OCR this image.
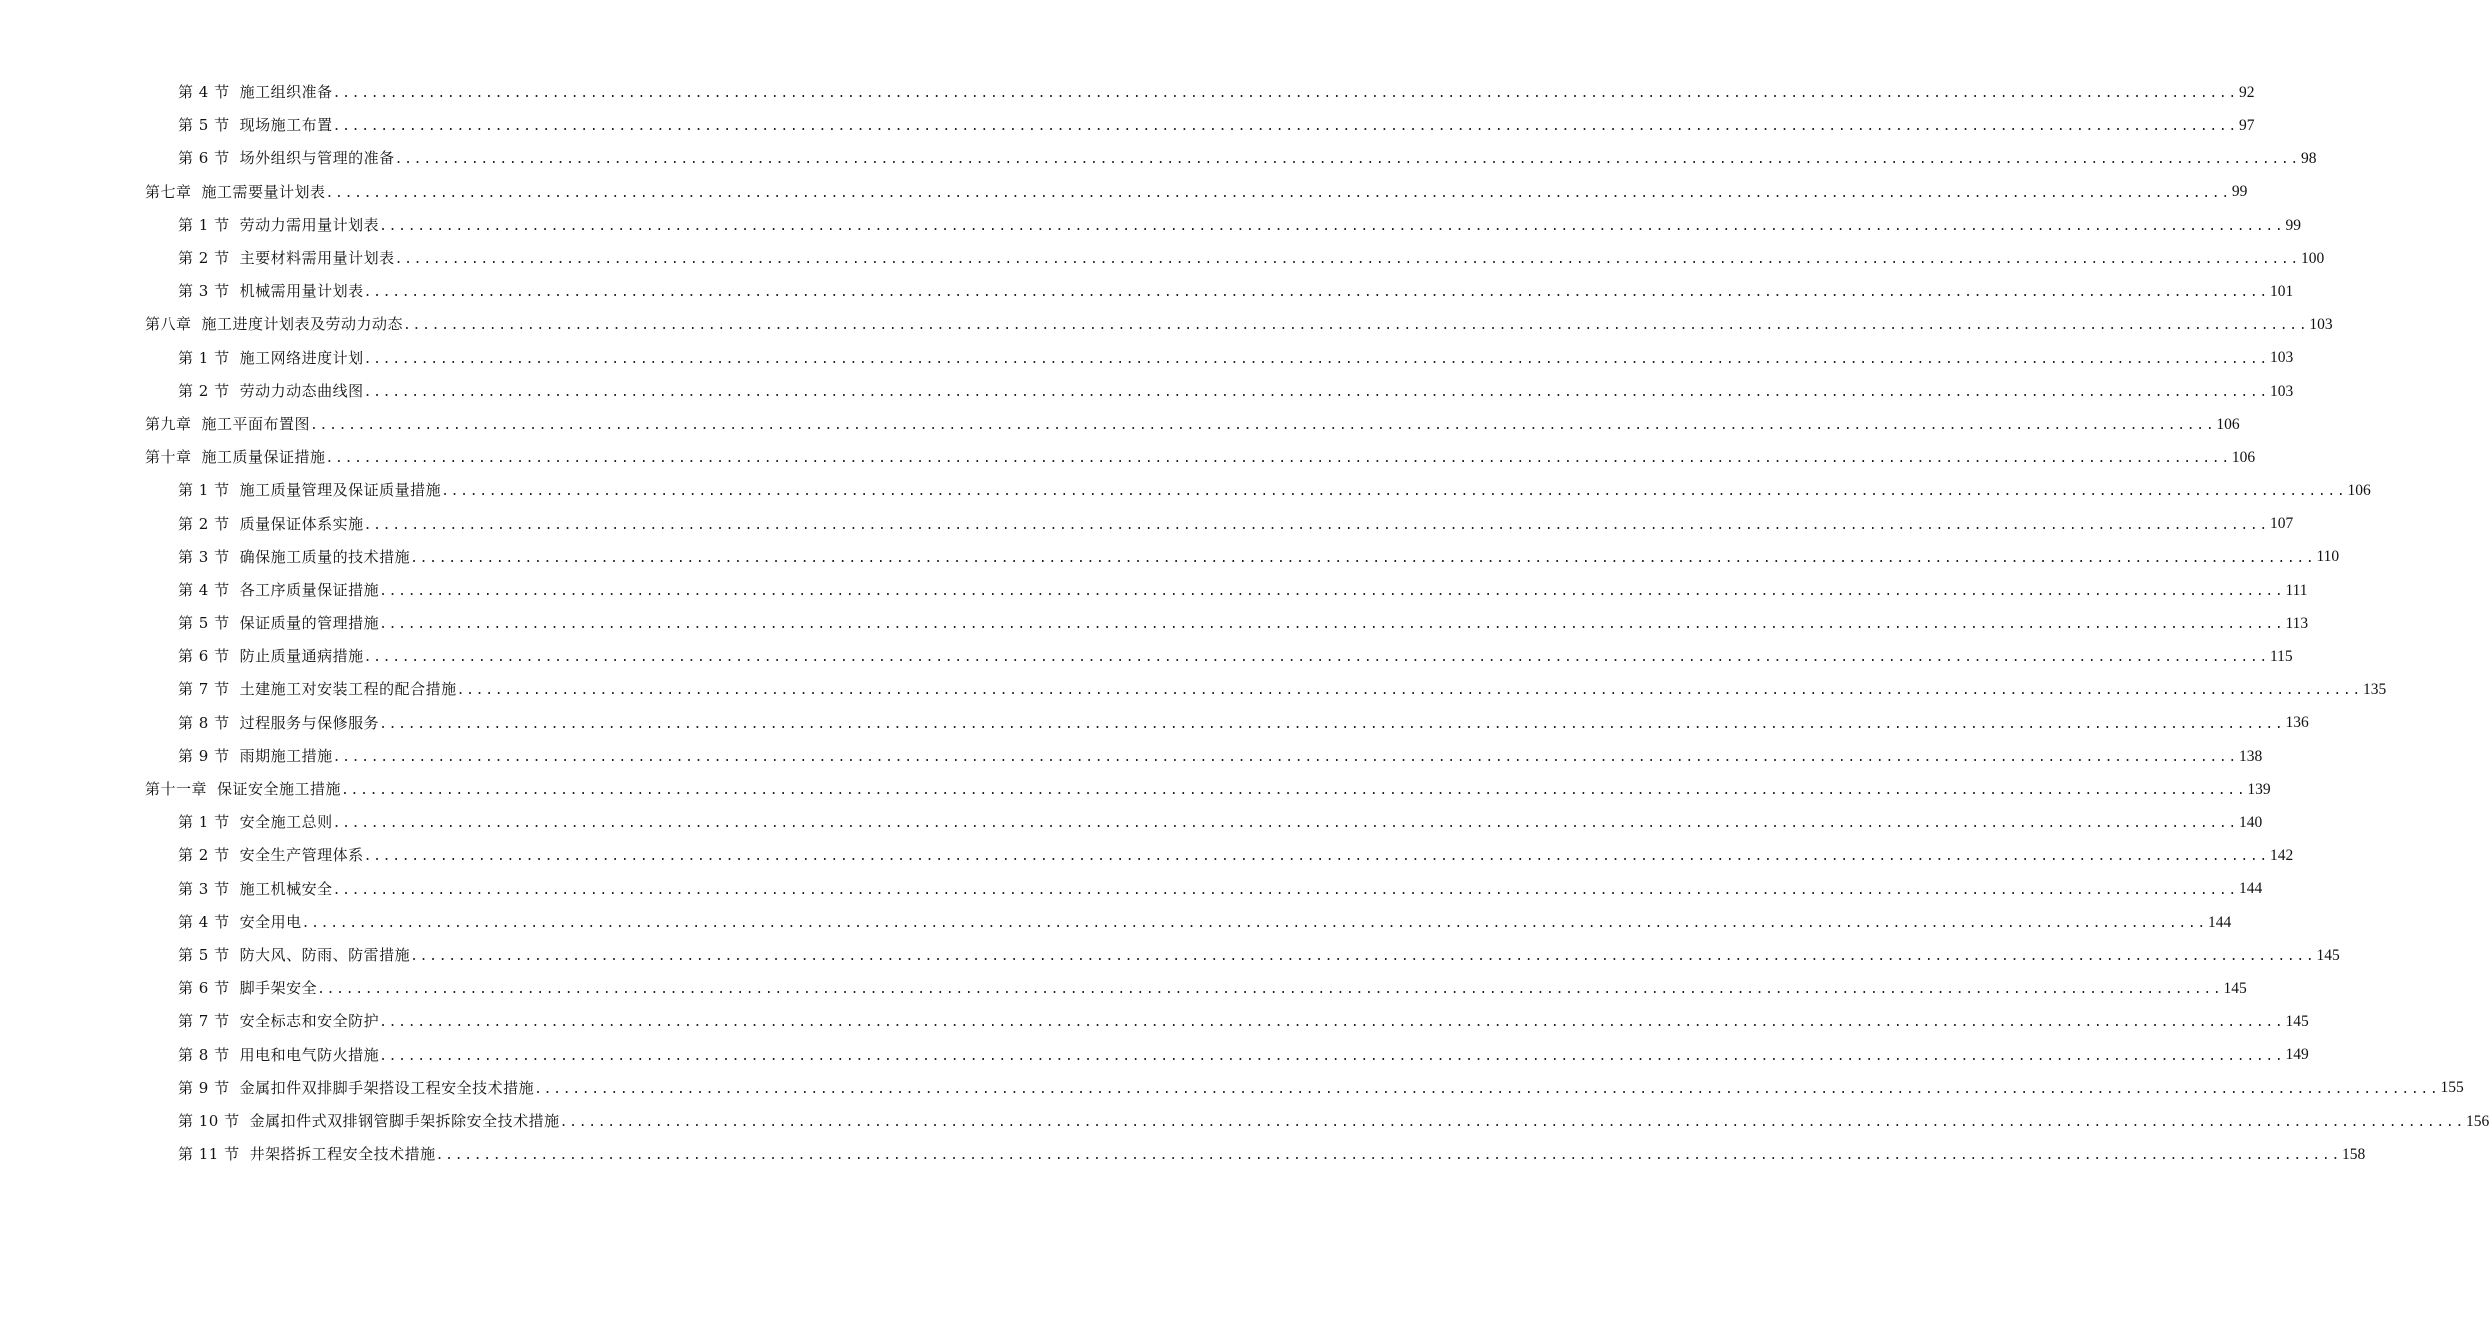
第 4 节 施工组织准备 ........................................................................................................................................................................................................ 92
第 5 节 现场施工布置 ........................................................................................................................................................................................................ 97
第 6 节 场外组织与管理的准备 ........................................................................................................................................................................................................ 98
第七章 施工需要量计划表 ........................................................................................................................................................................................................ 99
第 1 节 劳动力需用量计划表 ........................................................................................................................................................................................................ 99
第 2 节 主要材料需用量计划表 ........................................................................................................................................................................................................ 100
第 3 节 机械需用量计划表 ........................................................................................................................................................................................................ 101
第八章 施工进度计划表及劳动力动态 ........................................................................................................................................................................................................ 103
第 1 节 施工网络进度计划 ........................................................................................................................................................................................................ 103
第 2 节 劳动力动态曲线图 ........................................................................................................................................................................................................ 103
第九章 施工平面布置图 ........................................................................................................................................................................................................ 106
第十章 施工质量保证措施 ........................................................................................................................................................................................................ 106
第 1 节 施工质量管理及保证质量措施 ........................................................................................................................................................................................................ 106
第 2 节 质量保证体系实施 ........................................................................................................................................................................................................ 107
第 3 节 确保施工质量的技术措施 ........................................................................................................................................................................................................ 110
第 4 节 各工序质量保证措施 ........................................................................................................................................................................................................ 111
第 5 节 保证质量的管理措施 ........................................................................................................................................................................................................ 113
第 6 节 防止质量通病措施 ........................................................................................................................................................................................................ 115
第 7 节 土建施工对安装工程的配合措施 ........................................................................................................................................................................................................ 135
第 8 节 过程服务与保修服务 ........................................................................................................................................................................................................ 136
第 9 节 雨期施工措施 ........................................................................................................................................................................................................ 138
第十一章 保证安全施工措施 ........................................................................................................................................................................................................ 139
第 1 节 安全施工总则 ........................................................................................................................................................................................................ 140
第 2 节 安全生产管理体系 ........................................................................................................................................................................................................ 142
第 3 节 施工机械安全 ........................................................................................................................................................................................................ 144
第 4 节 安全用电 ........................................................................................................................................................................................................ 144
第 5 节 防大风、防雨、防雷措施 ........................................................................................................................................................................................................ 145
第 6 节 脚手架安全 ........................................................................................................................................................................................................ 145
第 7 节 安全标志和安全防护 ........................................................................................................................................................................................................ 145
第 8 节 用电和电气防火措施 ........................................................................................................................................................................................................ 149
第 9 节 金属扣件双排脚手架搭设工程安全技术措施 ........................................................................................................................................................................................................ 155
第 10 节 金属扣件式双排钢管脚手架拆除安全技术措施 ........................................................................................................................................................................................................ 156
第 11 节 井架搭拆工程安全技术措施 ........................................................................................................................................................................................................ 158
